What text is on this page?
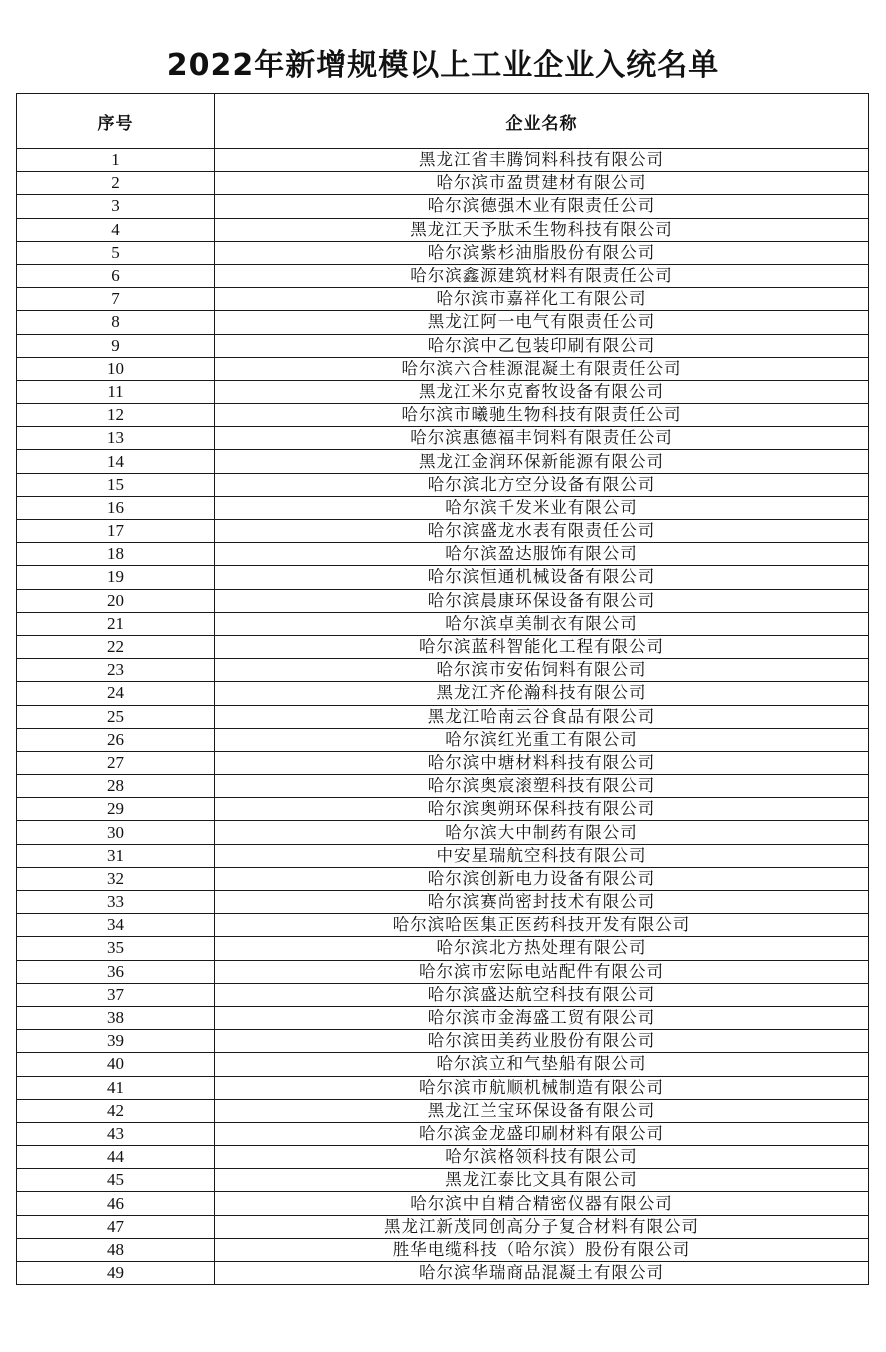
2022年新增规模以上工业企业入统名单
序号	企业名称
1	黑龙江省丰腾饲料科技有限公司
2	哈尔滨市盈贯建材有限公司
3	哈尔滨德强木业有限责任公司
4	黑龙江天予肽禾生物科技有限公司
5	哈尔滨紫杉油脂股份有限公司
6	哈尔滨鑫源建筑材料有限责任公司
7	哈尔滨市嘉祥化工有限公司
8	黑龙江阿一电气有限责任公司
9	哈尔滨中乙包装印刷有限公司
10	哈尔滨六合桂源混凝土有限责任公司
11	黑龙江米尔克畜牧设备有限公司
12	哈尔滨市曦驰生物科技有限责任公司
13	哈尔滨惠德福丰饲料有限责任公司
14	黑龙江金润环保新能源有限公司
15	哈尔滨北方空分设备有限公司
16	哈尔滨千发米业有限公司
17	哈尔滨盛龙水表有限责任公司
18	哈尔滨盈达服饰有限公司
19	哈尔滨恒通机械设备有限公司
20	哈尔滨晨康环保设备有限公司
21	哈尔滨卓美制衣有限公司
22	哈尔滨蓝科智能化工程有限公司
23	哈尔滨市安佑饲料有限公司
24	黑龙江齐伦瀚科技有限公司
25	黑龙江哈南云谷食品有限公司
26	哈尔滨红光重工有限公司
27	哈尔滨中塘材料科技有限公司
28	哈尔滨奥宸滚塑科技有限公司
29	哈尔滨奥朔环保科技有限公司
30	哈尔滨大中制药有限公司
31	中安星瑞航空科技有限公司
32	哈尔滨创新电力设备有限公司
33	哈尔滨赛尚密封技术有限公司
34	哈尔滨哈医集正医药科技开发有限公司
35	哈尔滨北方热处理有限公司
36	哈尔滨市宏际电站配件有限公司
37	哈尔滨盛达航空科技有限公司
38	哈尔滨市金海盛工贸有限公司
39	哈尔滨田美药业股份有限公司
40	哈尔滨立和气垫船有限公司
41	哈尔滨市航顺机械制造有限公司
42	黑龙江兰宝环保设备有限公司
43	哈尔滨金龙盛印刷材料有限公司
44	哈尔滨格领科技有限公司
45	黑龙江泰比文具有限公司
46	哈尔滨中自精合精密仪器有限公司
47	黑龙江新茂同创高分子复合材料有限公司
48	胜华电缆科技（哈尔滨）股份有限公司
49	哈尔滨华瑞商品混凝土有限公司
